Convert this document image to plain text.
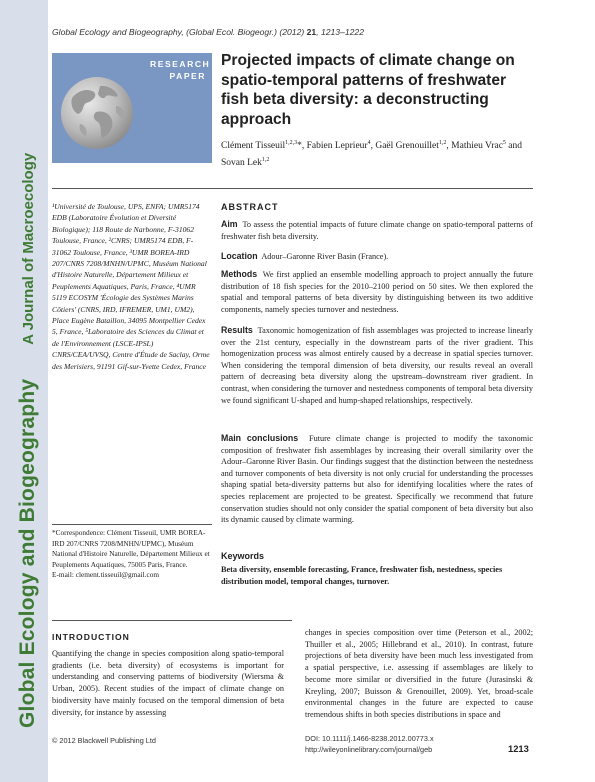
Global Ecology and Biogeography
A Journal of Macroecology
Global Ecology and Biogeography, (Global Ecol. Biogeogr.) (2012) 21, 1213–1222
RESEARCH
PAPER
Projected impacts of climate change on spatio-temporal patterns of freshwater fish beta diversity: a deconstructing approach
Clément Tisseuil$^{1,2,3}$*, Fabien Leprieur$^4$, Gaël Grenouillet$^{1,2}$, Mathieu Vrac$^5$ and Sovan Lek$^{1,2}$
¹Université de Toulouse, UPS, ENFA; UMR5174 EDB (Laboratoire Évolution et Diversité Biologique); 118 Route de Narbonne, F-31062 Toulouse, France, ²CNRS; UMR5174 EDB, F-31062 Toulouse, France, ³UMR BOREA-IRD 207/CNRS 7208/MNHN/UPMC, Muséum National d'Histoire Naturelle, Département Milieux et Peuplements Aquatiques, Paris, France, ⁴UMR 5119 ECOSYM 'Écologie des Systèmes Marins Côtiers' (CNRS, IRD, IFREMER, UM1, UM2), Place Eugène Bataillon, 34095 Montpellier Cedex 5, France, ⁵Laboratoire des Sciences du Climat et de l'Environnement (LSCE-IPSL) CNRS/CEA/UVSQ, Centre d'Étude de Saclay, Orme des Merisiers, 91191 Gif-sur-Yvette Cedex, France
*Correspondence: Clément Tisseuil, UMR BOREA-IRD 207/CNRS 7208/MNHN/UPMC), Muséum National d'Histoire Naturelle, Département Milieux et Peuplements Aquatiques, 75005 Paris, France.
E-mail: clement.tisseuil@gmail.com
ABSTRACT
Aim To assess the potential impacts of future climate change on spatio-temporal patterns of freshwater fish beta diversity.
Location Adour–Garonne River Basin (France).
Methods We first applied an ensemble modelling approach to project annually the future distribution of 18 fish species for the 2010–2100 period on 50 sites. We then explored the spatial and temporal patterns of beta diversity by distinguishing between its two additive components, namely species turnover and nestedness.
Results Taxonomic homogenization of fish assemblages was projected to increase linearly over the 21st century, especially in the downstream parts of the river gradient. This homogenization process was almost entirely caused by a decrease in spatial species turnover. When considering the temporal dimension of beta diversity, our results reveal an overall pattern of decreasing beta diversity along the upstream–downstream river gradient. In contrast, when considering the turnover and nestedness components of temporal beta diversity we found significant U-shaped and hump-shaped relationships, respectively.
Main conclusions Future climate change is projected to modify the taxonomic composition of freshwater fish assemblages by increasing their overall similarity over the Adour–Garonne River Basin. Our findings suggest that the distinction between the nestedness and turnover components of beta diversity is not only crucial for understanding the processes shaping spatial beta-diversity patterns but also for identifying localities where the rates of species replacement are projected to be greatest. Specifically we recommend that future conservation studies should not only consider the spatial component of beta diversity but also its dynamic caused by climate warming.
Keywords
Beta diversity, ensemble forecasting, France, freshwater fish, nestedness, species distribution model, temporal changes, turnover.
INTRODUCTION
Quantifying the change in species composition along spatio-temporal gradients (i.e. beta diversity) of ecosystems is important for understanding and conserving patterns of biodiversity (Wiersma & Urban, 2005). Recent studies of the impact of climate change on biodiversity have mainly focused on the temporal dimension of beta diversity, for instance by assessing
changes in species composition over time (Peterson et al., 2002; Thuiller et al., 2005; Hillebrand et al., 2010). In contrast, future projections of beta diversity have been much less investigated from a spatial perspective, i.e. assessing if assemblages are likely to become more similar or diversified in the future (Jurasinski & Kreyling, 2007; Buisson & Grenouillet, 2009). Yet, broad-scale environmental changes in the future are expected to cause tremendous shifts in both species distributions in space and
© 2012 Blackwell Publishing Ltd	DOI: 10.1111/j.1466-8238.2012.00773.x
http://wileyonlinelibrary.com/journal/geb	1213
